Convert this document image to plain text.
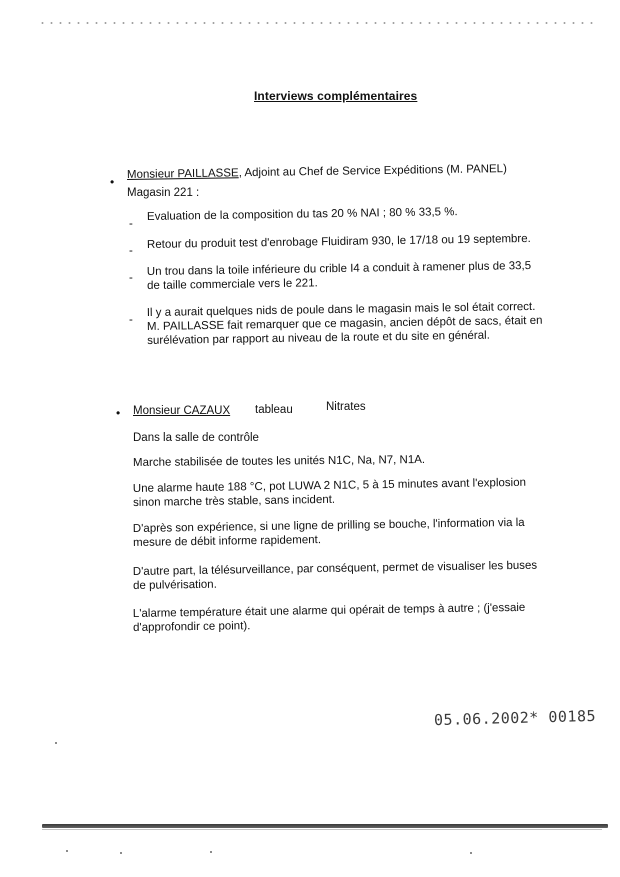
Interviews complémentaires
•
Monsieur PAILLASSE, Adjoint au Chef de Service Expéditions (M. PANEL)
Magasin 221 :
-
Evaluation de la composition du tas 20 % NAI ; 80 % 33,5 %.
-
Retour du produit test d'enrobage Fluidiram 930, le 17/18 ou 19 septembre.
- Un trou dans la toile inférieure du crible I4 a conduit à ramener plus de 33,5
de taille commerciale vers le 221.
-
Il y a aurait quelques nids de poule dans le magasin mais le sol était correct.
M. PAILLASSE fait remarquer que ce magasin, ancien dépôt de sacs, était en
surélévation par rapport au niveau de la route et du site en général.
• Monsieur CAZAUX tableau	Nitrates
Dans la salle de contrôle
Marche stabilisée de toutes les unités N1C, Na, N7, N1A.
Une alarme haute 188 °C, pot LUWA 2 N1C, 5 à 15 minutes avant l'explosion
sinon marche très stable, sans incident.
D'après son expérience, si une ligne de prilling se bouche, l'information via la
mesure de débit informe rapidement.
D'autre part, la télésurveillance, par conséquent, permet de visualiser les buses
de pulvérisation.
L'alarme température était une alarme qui opérait de temps à autre ; (j'essaie
d'approfondir ce point).
05.06.2002* 00185
